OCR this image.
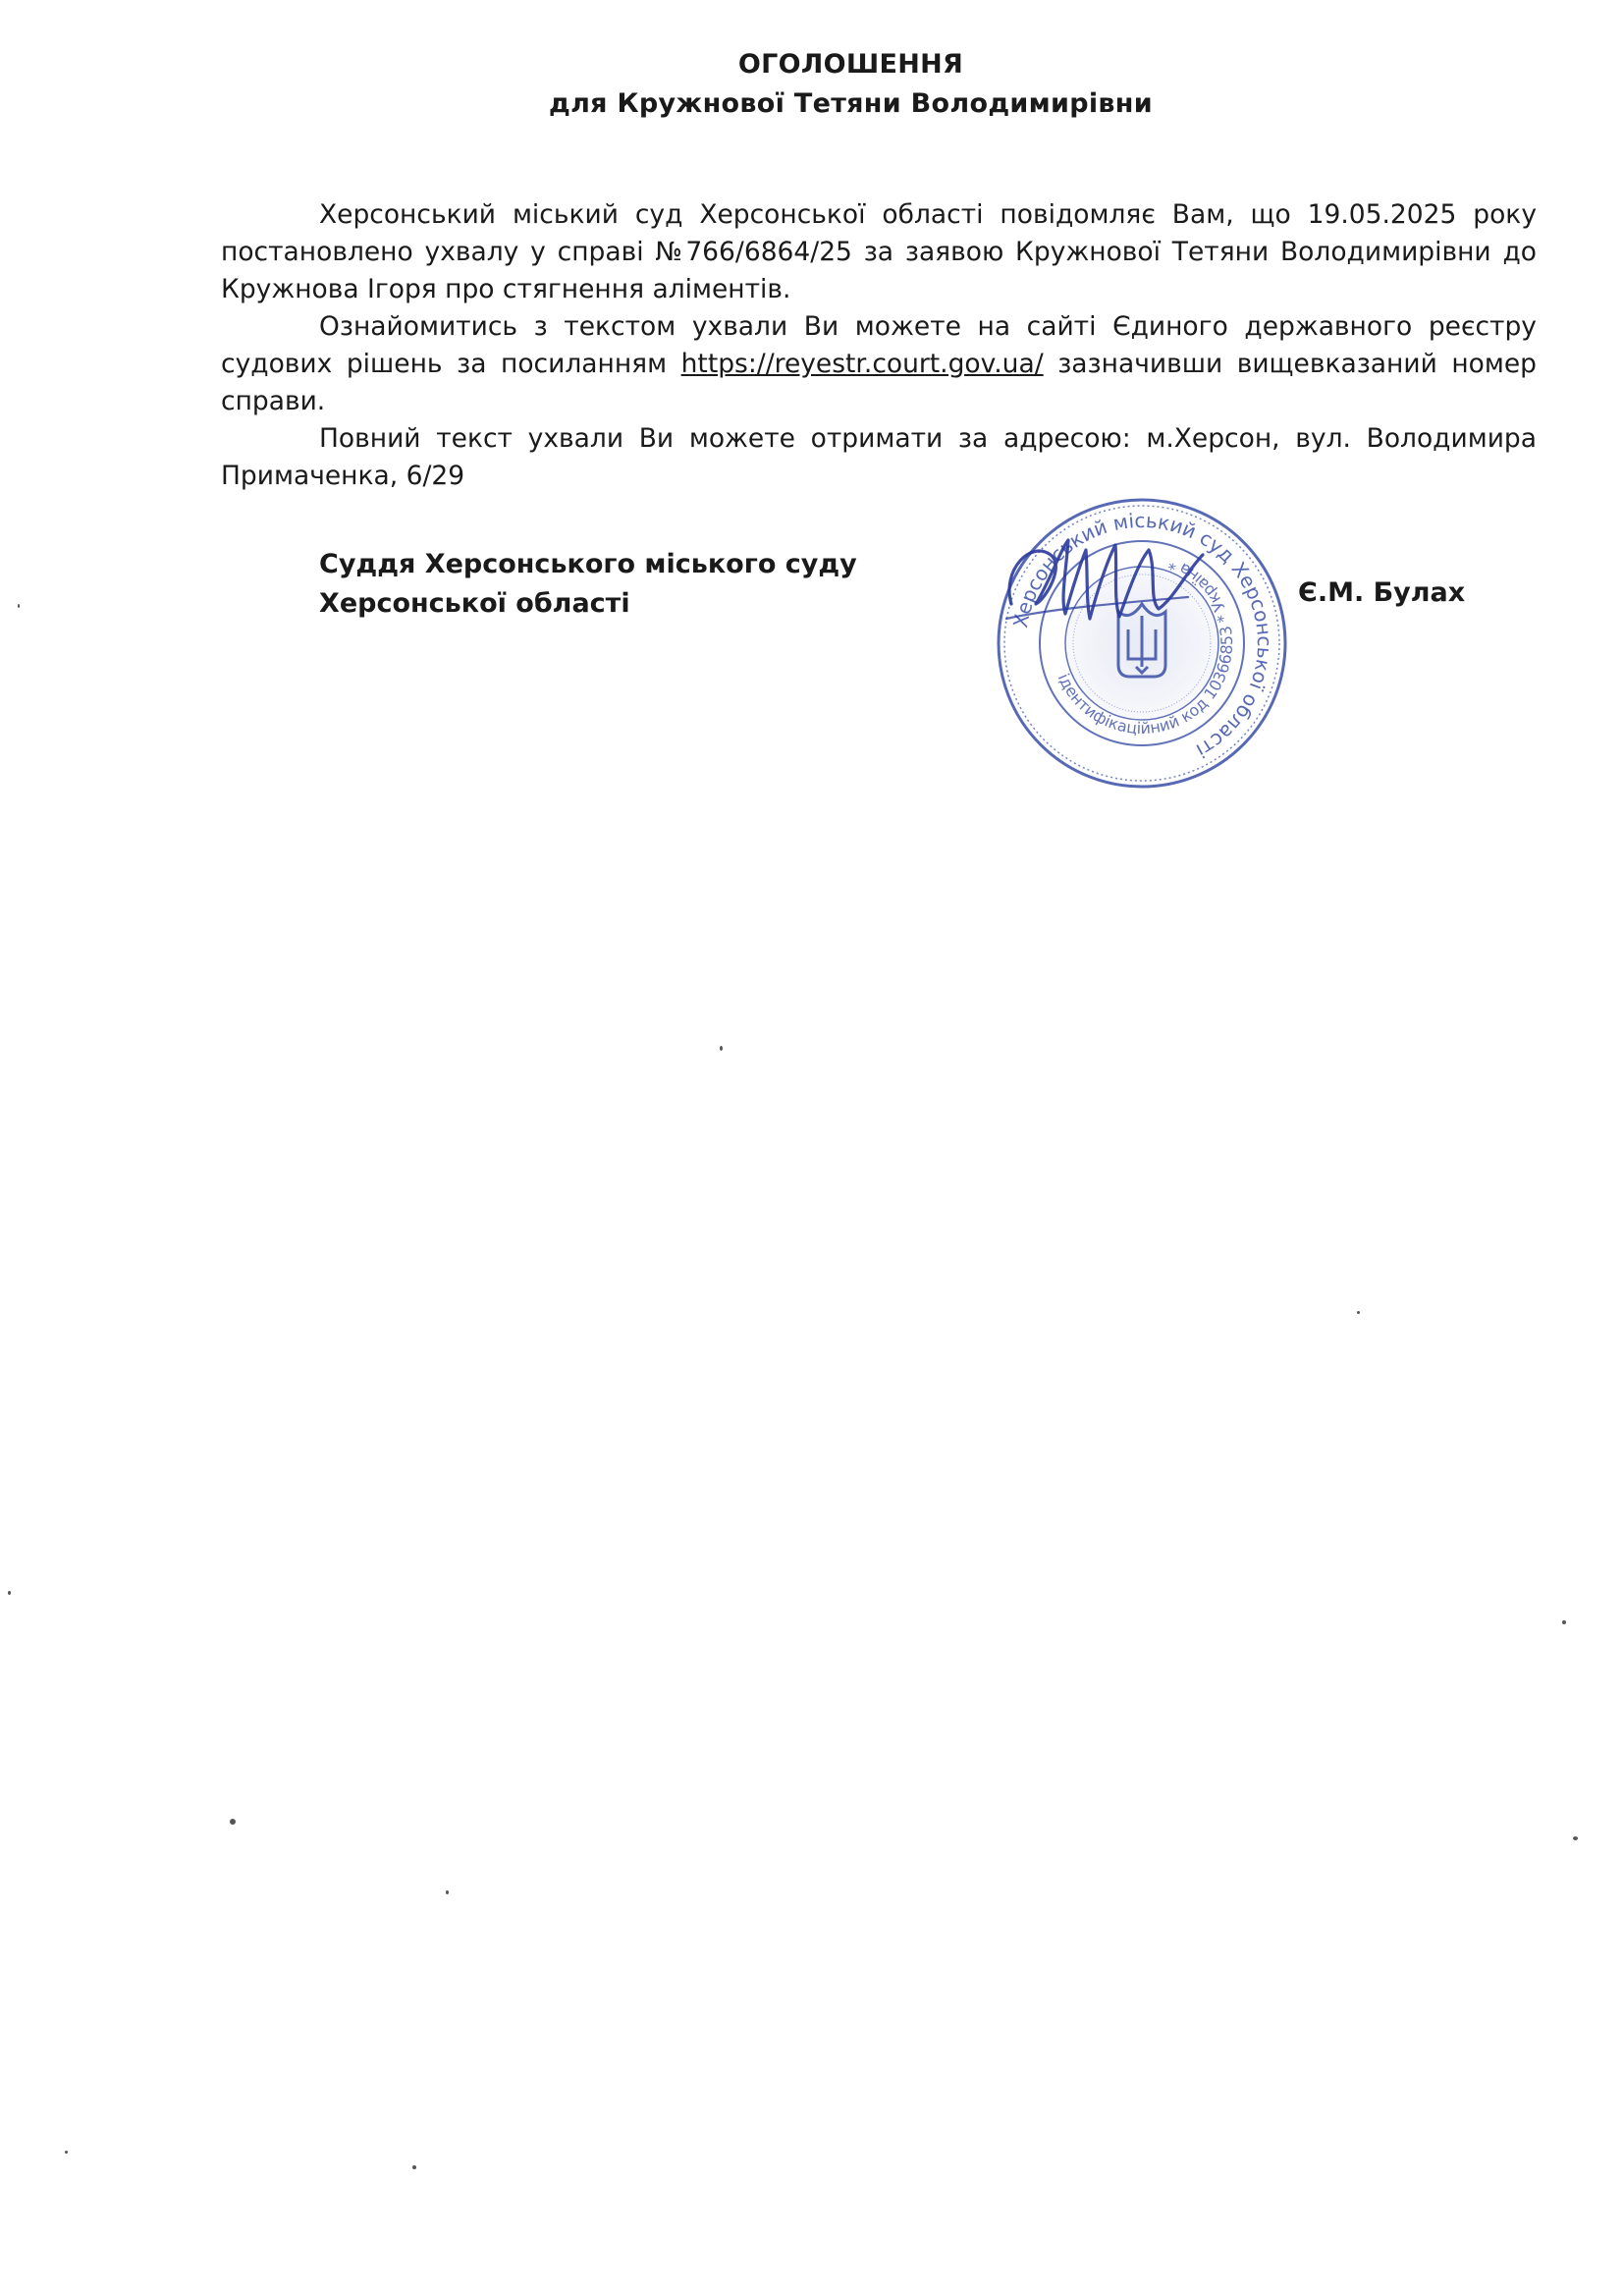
ОГОЛОШЕННЯ
для Кружнової Тетяни Володимирівни

Херсонський міський суд Херсонської області повідомляє Вам, що 19.05.2025 року постановлено ухвалу у справі №766/6864/25 за заявою Кружнової Тетяни Володимирівни до Кружнова Ігоря про стягнення аліментів.

Ознайомитись з текстом ухвали Ви можете на сайті Єдиного державного реєстру судових рішень за посиланням https://reyestr.court.gov.ua/ зазначивши вищевказаний номер справи.

Повний текст ухвали Ви можете отримати за адресою: м.Херсон, вул. Володимира Примаченка, 6/29

Суддя Херсонського міського суду
Херсонської області	Є.М. Булах
Херсонський міський суд Херсонської області
ідентифікаційний код 10366853 * Україна *
